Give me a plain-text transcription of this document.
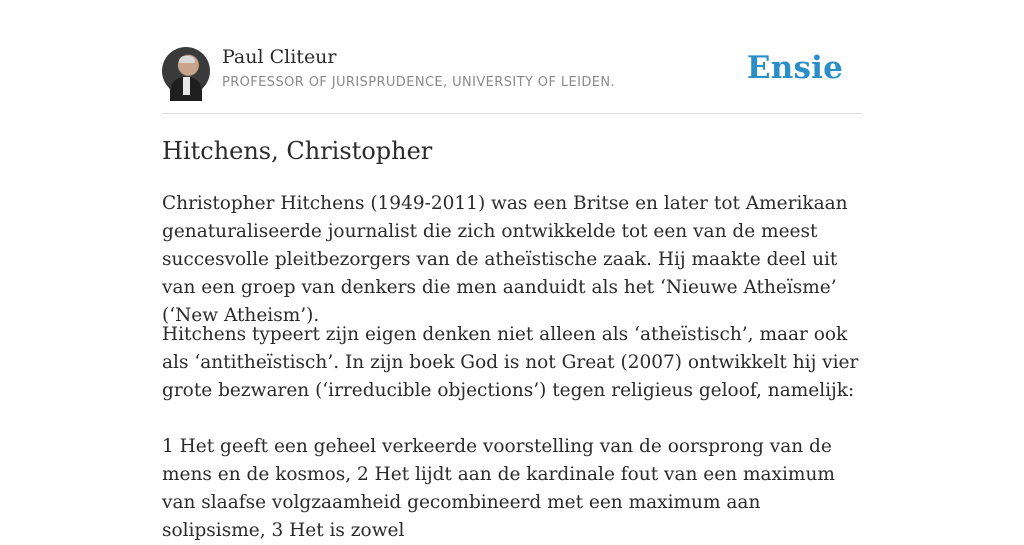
Paul Cliteur
PROFESSOR OF JURISPRUDENCE, UNIVERSITY OF LEIDEN.	Ensie
Hitchens, Christopher

Christopher Hitchens (1949-2011) was een Britse en later tot Amerikaan genaturaliseerde journalist die zich ontwikkelde tot een van de meest succesvolle pleitbezorgers van de atheïstische zaak. Hij maakte deel uit van een groep van denkers die men aanduidt als het ‘Nieuwe Atheïsme’ (‘New Atheism’).

Hitchens typeert zijn eigen denken niet alleen als ‘atheïstisch’, maar ook als ‘antitheïstisch’. In zijn boek God is not Great (2007) ontwikkelt hij vier grote bezwaren (‘irreducible objections’) tegen religieus geloof, namelijk:

1 Het geeft een geheel verkeerde voorstelling van de oorsprong van de mens en de kosmos, 2 Het lijdt aan de kardinale fout van een maximum van slaafse volgzaamheid gecombineerd met een maximum aan solipsisme, 3 Het is zowel
